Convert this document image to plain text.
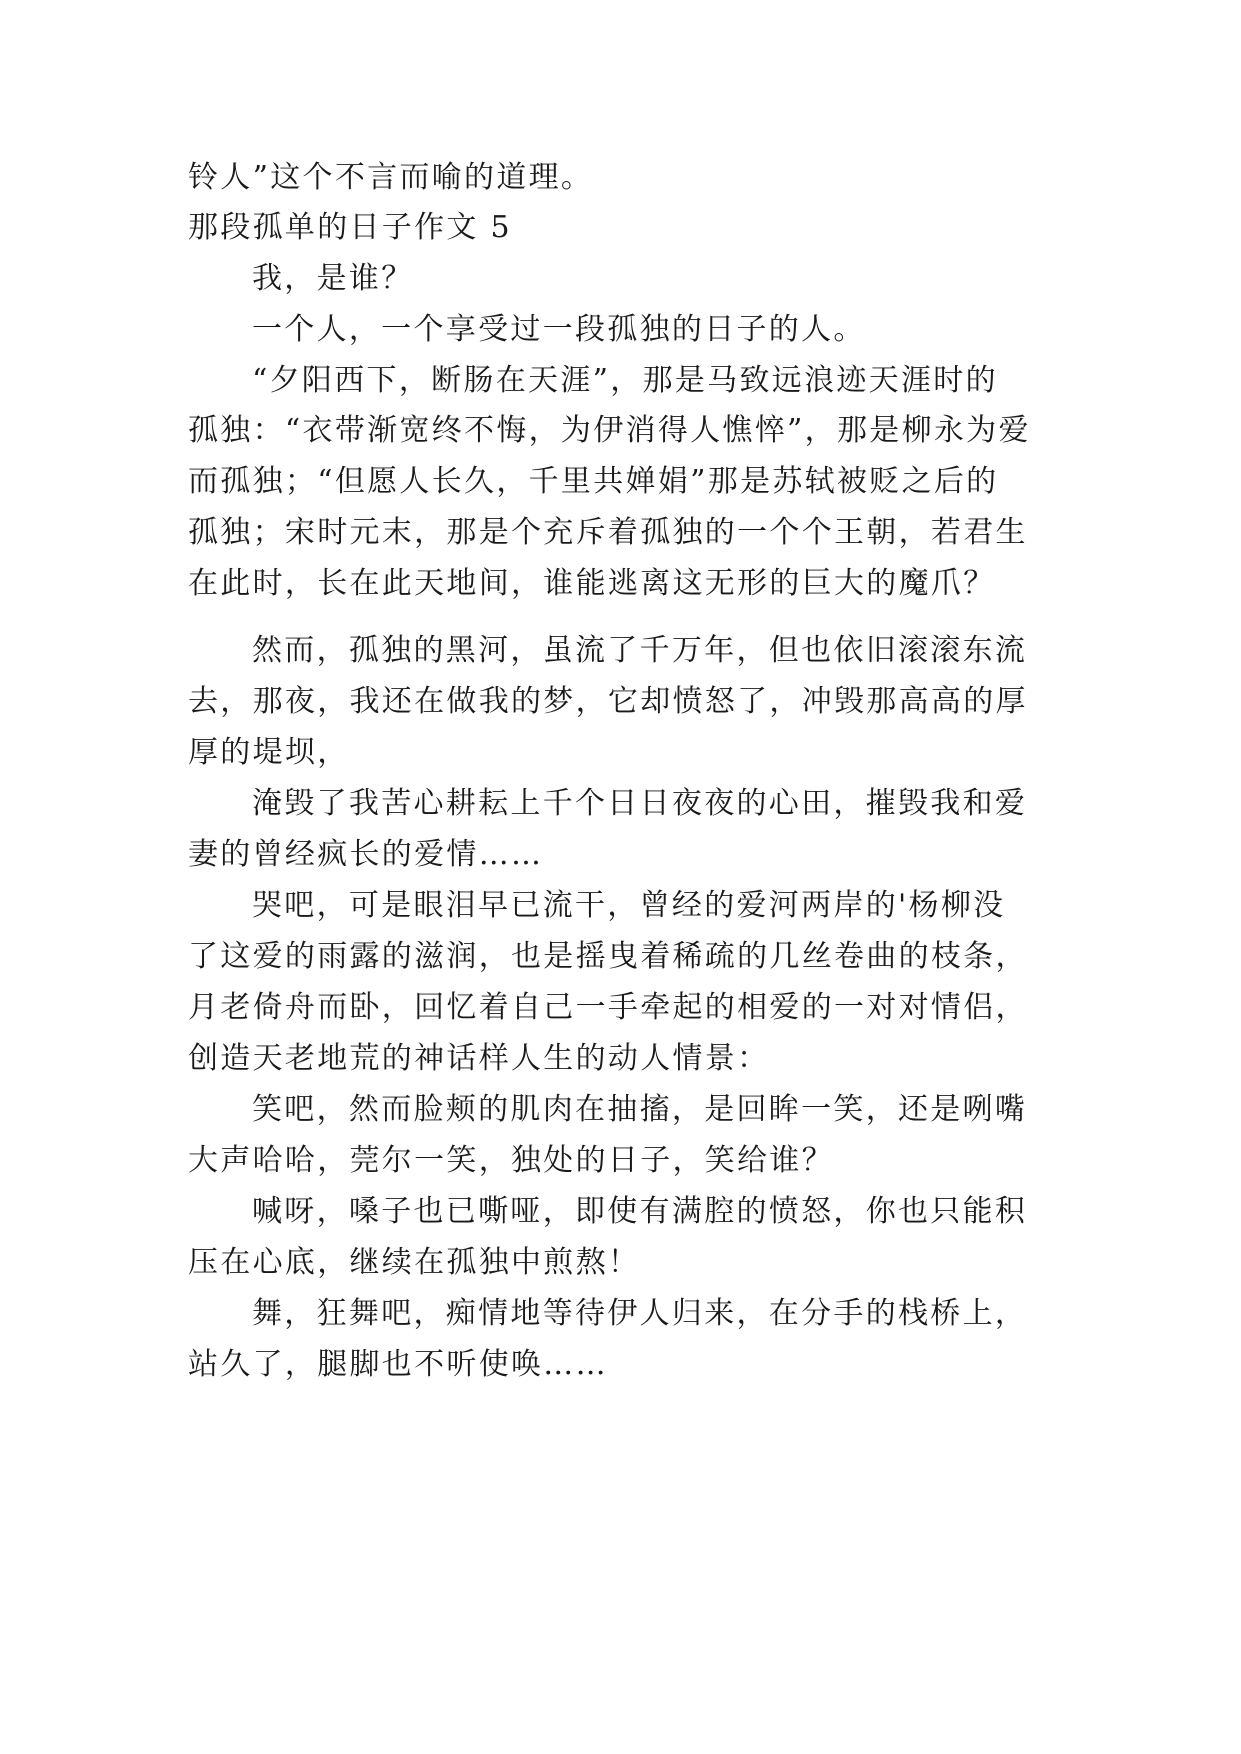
铃人”这个不言而喻的道理。
那段孤单的日子作文 5
我，是谁？
一个人，一个享受过一段孤独的日子的人。
“夕阳西下，断肠在天涯”，那是马致远浪迹天涯时的
孤独：“衣带渐宽终不悔，为伊消得人憔悴”，那是柳永为爱
而孤独；“但愿人长久，千里共婵娟”那是苏轼被贬之后的
孤独；宋时元末，那是个充斥着孤独的一个个王朝，若君生
在此时，长在此天地间，谁能逃离这无形的巨大的魔爪？
然而，孤独的黑河，虽流了千万年，但也依旧滚滚东流
去，那夜，我还在做我的梦，它却愤怒了，冲毁那高高的厚
厚的堤坝，
淹毁了我苦心耕耘上千个日日夜夜的心田，摧毁我和爱
妻的曾经疯长的爱情……
哭吧，可是眼泪早已流干，曾经的爱河两岸的'杨柳没
了这爱的雨露的滋润，也是摇曳着稀疏的几丝卷曲的枝条，
月老倚舟而卧，回忆着自己一手牵起的相爱的一对对情侣，
创造天老地荒的神话样人生的动人情景：
笑吧，然而脸颊的肌肉在抽搐，是回眸一笑，还是咧嘴
大声哈哈，莞尔一笑，独处的日子，笑给谁？
喊呀，嗓子也已嘶哑，即使有满腔的愤怒，你也只能积
压在心底，继续在孤独中煎熬！
舞，狂舞吧，痴情地等待伊人归来，在分手的栈桥上，
站久了，腿脚也不听使唤……
